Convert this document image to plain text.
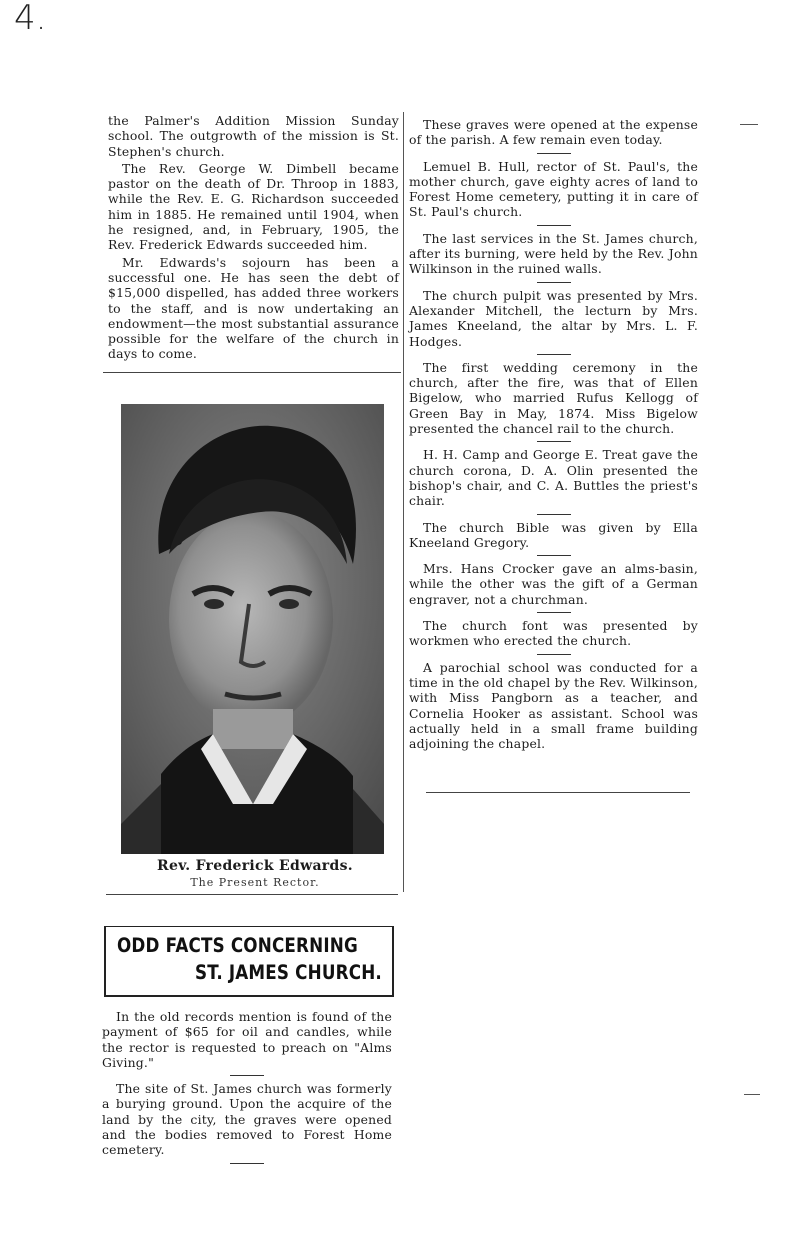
4.

the Palmer's Addition Mission Sunday school. The outgrowth of the mission is St. Stephen's church.

The Rev. George W. Dimbell became pastor on the death of Dr. Throop in 1883, while the Rev. E. G. Richardson succeeded him in 1885. He remained until 1904, when he resigned, and, in February, 1905, the Rev. Frederick Edwards succeeded him.

Mr. Edwards's sojourn has been a successful one. He has seen the debt of $15,000 dispelled, has added three workers to the staff, and is now undertaking an endowment—the most substantial assurance possible for the welfare of the church in days to come.

Rev. Frederick Edwards.
The Present Rector.
ODD FACTS CONCERNING
ST. JAMES CHURCH.

In the old records mention is found of the payment of $65 for oil and candles, while the rector is requested to preach on "Alms Giving."

The site of St. James church was formerly a burying ground. Upon the acquire of the land by the city, the graves were opened and the bodies removed to Forest Home cemetery.

These graves were opened at the expense of the parish. A few remain even today.

Lemuel B. Hull, rector of St. Paul's, the mother church, gave eighty acres of land to Forest Home cemetery, putting it in care of St. Paul's church.

The last services in the St. James church, after its burning, were held by the Rev. John Wilkinson in the ruined walls.

The church pulpit was presented by Mrs. Alexander Mitchell, the lecturn by Mrs. James Kneeland, the altar by Mrs. L. F. Hodges.

The first wedding ceremony in the church, after the fire, was that of Ellen Bigelow, who married Rufus Kellogg of Green Bay in May, 1874. Miss Bigelow presented the chancel rail to the church.

H. H. Camp and George E. Treat gave the church corona, D. A. Olin presented the bishop's chair, and C. A. Buttles the priest's chair.

The church Bible was given by Ella Kneeland Gregory.

Mrs. Hans Crocker gave an alms-basin, while the other was the gift of a German engraver, not a churchman.

The church font was presented by workmen who erected the church.

A parochial school was conducted for a time in the old chapel by the Rev. Wilkinson, with Miss Pangborn as a teacher, and Cornelia Hooker as assistant. School was actually held in a small frame building adjoining the chapel.
